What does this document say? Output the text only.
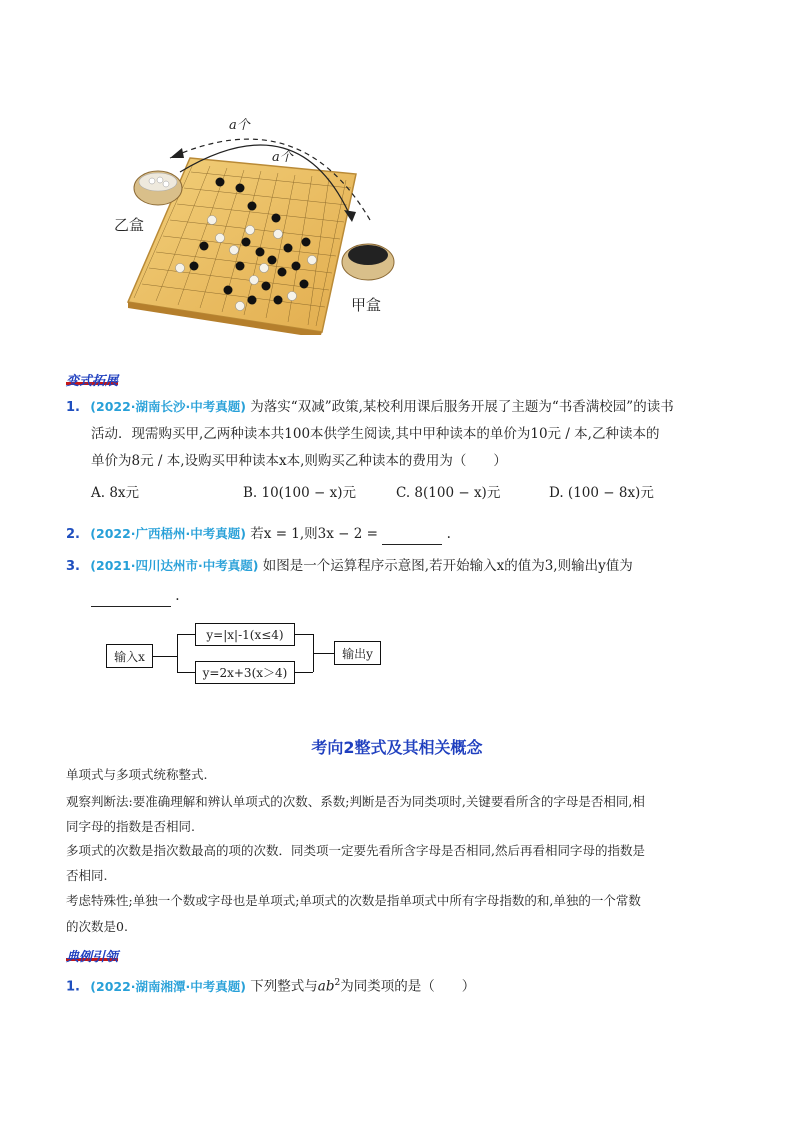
a个
a个
乙盒
甲盒
变式拓展
1. (2022·湖南长沙·中考真题) 为落实“双减”政策,某校利用课后服务开展了主题为“书香满校园”的读书
活动．现需购买甲,乙两种读本共100本供学生阅读,其中甲种读本的单价为10元 / 本,乙种读本的
单价为8元 / 本,设购买甲种读本x本,则购买乙种读本的费用为（　　）
A. 8x元	B. 10(100 − x)元	C. 8(100 − x)元	D. (100 − 8x)元
2. (2022·广西梧州·中考真题) 若x = 1,则3x − 2 =	.
3. (2021·四川达州市·中考真题) 如图是一个运算程序示意图,若开始输入x的值为3,则输出y值为
.
输入x
y=|x|-1(x≤4)
y=2x+3(x＞4)
输出y
考向2整式及其相关概念
单项式与多项式统称整式.
观察判断法:要准确理解和辨认单项式的次数、系数;判断是否为同类项时,关键要看所含的字母是否相同,相
同字母的指数是否相同.
多项式的次数是指次数最高的项的次数．同类项一定要先看所含字母是否相同,然后再看相同字母的指数是
否相同.
考虑特殊性;单独一个数或字母也是单项式;单项式的次数是指单项式中所有字母指数的和,单独的一个常数
的次数是0.
典例引领
1. (2022·湖南湘潭·中考真题) 下列整式与$ab^2$为同类项的是（　　）
